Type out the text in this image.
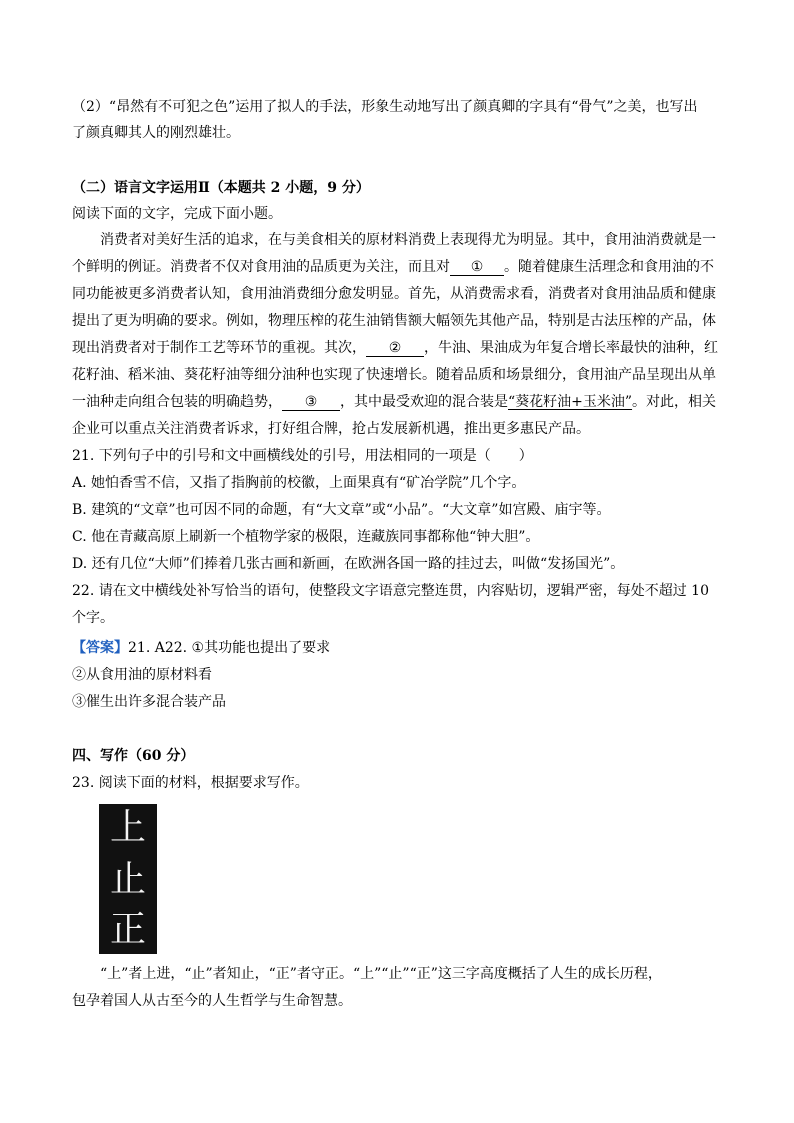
（2）“昂然有不可犯之色”运用了拟人的手法，形象生动地写出了颜真卿的字具有“骨气”之美，也写出
了颜真卿其人的刚烈雄壮。
（二）语言文字运用Ⅱ（本题共 2 小题，9 分）
阅读下面的文字，完成下面小题。
消费者对美好生活的追求，在与美食相关的原材料消费上表现得尤为明显。其中，食用油消费就是一
个鲜明的例证。消费者不仅对食用油的品质更为关注，而且对 ① 。随着健康生活理念和食用油的不
同功能被更多消费者认知，食用油消费细分愈发明显。首先，从消费需求看，消费者对食用油品质和健康
提出了更为明确的要求。例如，物理压榨的花生油销售额大幅领先其他产品，特别是古法压榨的产品，体
现出消费者对于制作工艺等环节的重视。其次， ② ，牛油、果油成为年复合增长率最快的油种，红
花籽油、稻米油、葵花籽油等细分油种也实现了快速增长。随着品质和场景细分，食用油产品呈现出从单
一油种走向组合包装的明确趋势， ③ ，其中最受欢迎的混合装是“葵花籽油+玉米油”。对此，相关
企业可以重点关注消费者诉求，打好组合牌，抢占发展新机遇，推出更多惠民产品。
21. 下列句子中的引号和文中画横线处的引号，用法相同的一项是（　　）
A. 她怕香雪不信，又指了指胸前的校徽，上面果真有“矿冶学院”几个字。
B. 建筑的“文章”也可因不同的命题，有“大文章”或“小品”。“大文章”如宫殿、庙宇等。
C. 他在青藏高原上刷新一个植物学家的极限，连藏族同事都称他“钟大胆”。
D. 还有几位“大师”们捧着几张古画和新画，在欧洲各国一路的挂过去，叫做“发扬国光”。
22. 请在文中横线处补写恰当的语句，使整段文字语意完整连贯，内容贴切，逻辑严密，每处不超过 10
个字。
【答案】21. A22. ①其功能也提出了要求
②从食用油的原材料看
③催生出许多混合装产品
四、写作（60 分）
23. 阅读下面的材料，根据要求写作。
“上”者上进，“止”者知止，“正”者守正。“上”“止”“正”这三字高度概括了人生的成长历程，
包孕着国人从古至今的人生哲学与生命智慧。
上
止
正
